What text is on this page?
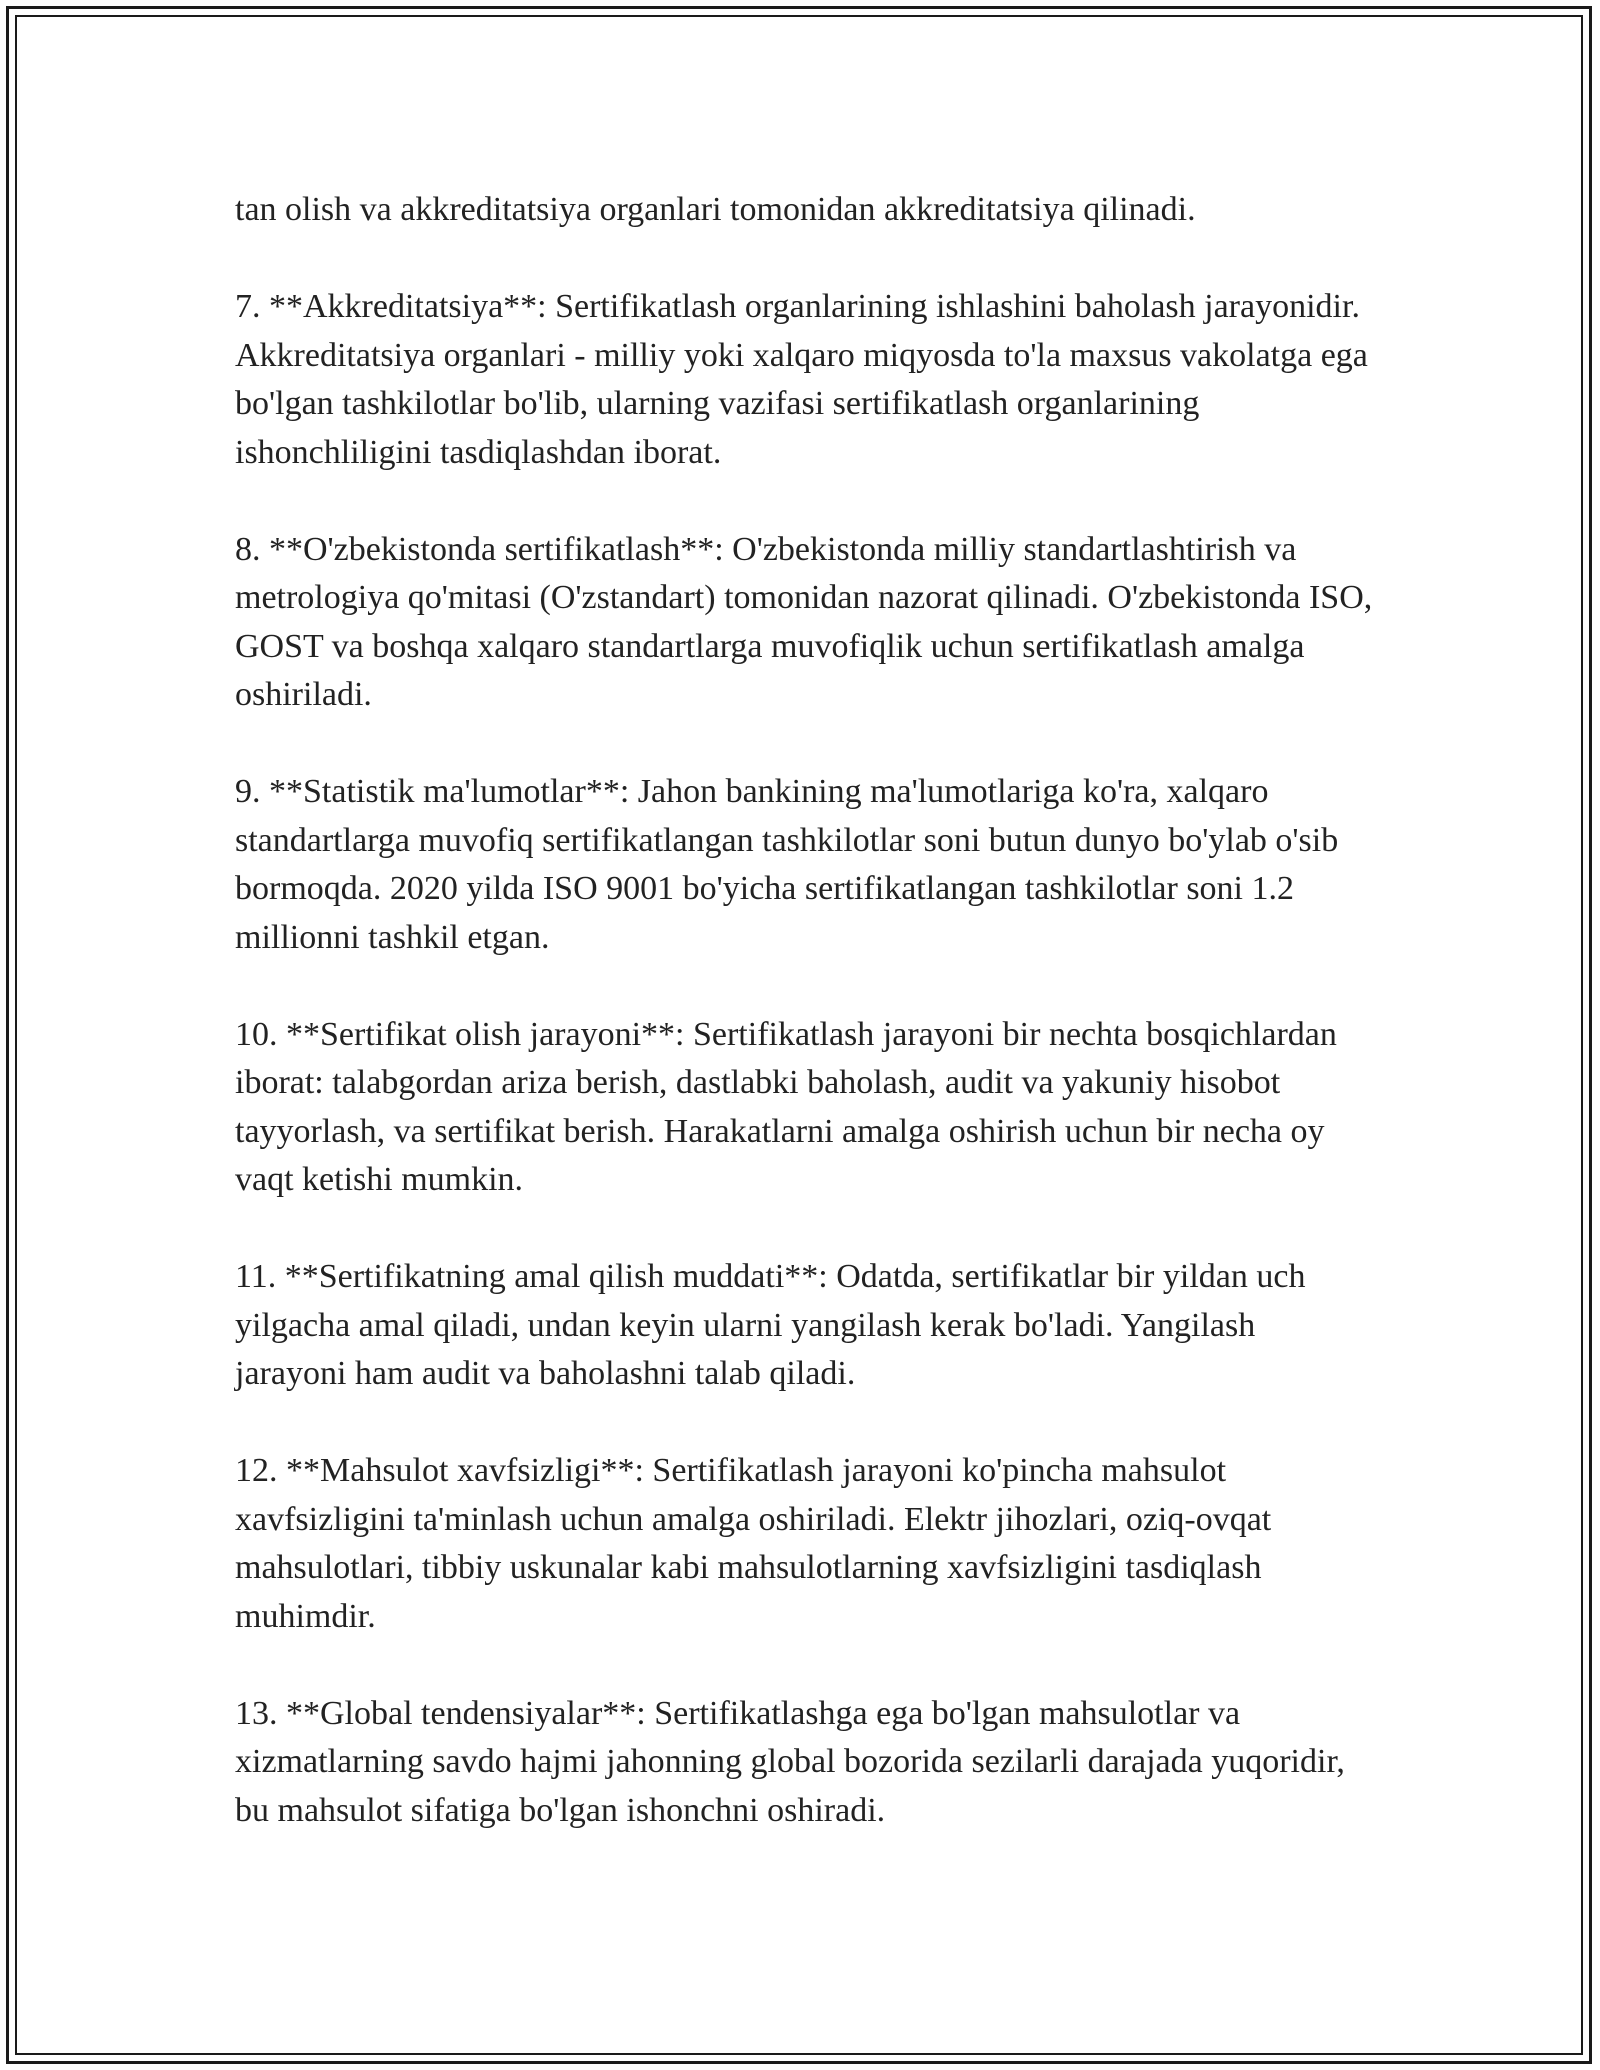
tan olish va akkreditatsiya organlari tomonidan akkreditatsiya qilinadi.

7. **Akkreditatsiya**: Sertifikatlash organlarining ishlashini baholash jarayonidir. Akkreditatsiya organlari - milliy yoki xalqaro miqyosda to'la maxsus vakolatga ega bo'lgan tashkilotlar bo'lib, ularning vazifasi sertifikatlash organlarining ishonchliligini tasdiqlashdan iborat.

8. **O'zbekistonda sertifikatlash**: O'zbekistonda milliy standartlashtirish va metrologiya qo'mitasi (O'zstandart) tomonidan nazorat qilinadi. O'zbekistonda ISO, GOST va boshqa xalqaro standartlarga muvofiqlik uchun sertifikatlash amalga oshiriladi.

9. **Statistik ma'lumotlar**: Jahon bankining ma'lumotlariga ko'ra, xalqaro standartlarga muvofiq sertifikatlangan tashkilotlar soni butun dunyo bo'ylab o'sib bormoqda. 2020 yilda ISO 9001 bo'yicha sertifikatlangan tashkilotlar soni 1.2 millionni tashkil etgan.

10. **Sertifikat olish jarayoni**: Sertifikatlash jarayoni bir nechta bosqichlardan iborat: talabgordan ariza berish, dastlabki baholash, audit va yakuniy hisobot tayyorlash, va sertifikat berish. Harakatlarni amalga oshirish uchun bir necha oy vaqt ketishi mumkin.

11. **Sertifikatning amal qilish muddati**: Odatda, sertifikatlar bir yildan uch yilgacha amal qiladi, undan keyin ularni yangilash kerak bo'ladi. Yangilash jarayoni ham audit va baholashni talab qiladi.

12. **Mahsulot xavfsizligi**: Sertifikatlash jarayoni ko'pincha mahsulot xavfsizligini ta'minlash uchun amalga oshiriladi. Elektr jihozlari, oziq-ovqat mahsulotlari, tibbiy uskunalar kabi mahsulotlarning xavfsizligini tasdiqlash muhimdir.

13. **Global tendensiyalar**: Sertifikatlashga ega bo'lgan mahsulotlar va xizmatlarning savdo hajmi jahonning global bozorida sezilarli darajada yuqoridir, bu mahsulot sifatiga bo'lgan ishonchni oshiradi.
